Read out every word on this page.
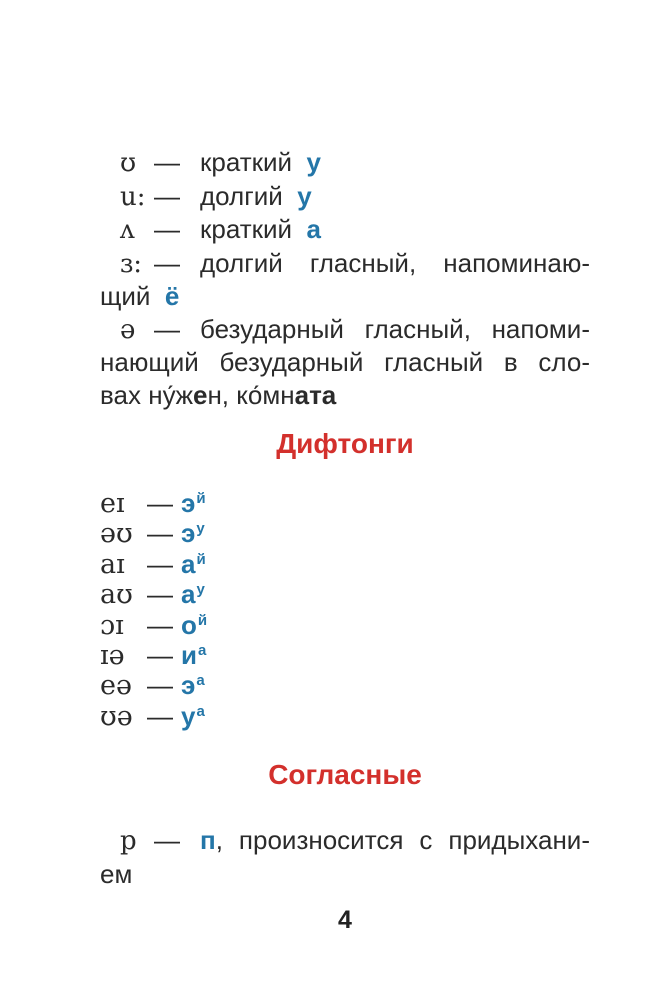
ʊ — краткий  у
u: — долгий  у
ʌ — краткий  а
ɜ: — долгий гласный, напоминаю-
щий  ё
ə — безударный гласный, напоми-
нающий безударный гласный в сло-
вах ну́жен, ко́мната
Дифтонги
eɪ — $э^й$
əʊ — $э^у$
aɪ — $а^й$
aʊ — $а^у$
ɔɪ — $о^й$
ɪə — $и^а$
eə — $э^а$
ʊə — $у^а$
Согласные
p — п, произносится с придыхани-
ем
4
